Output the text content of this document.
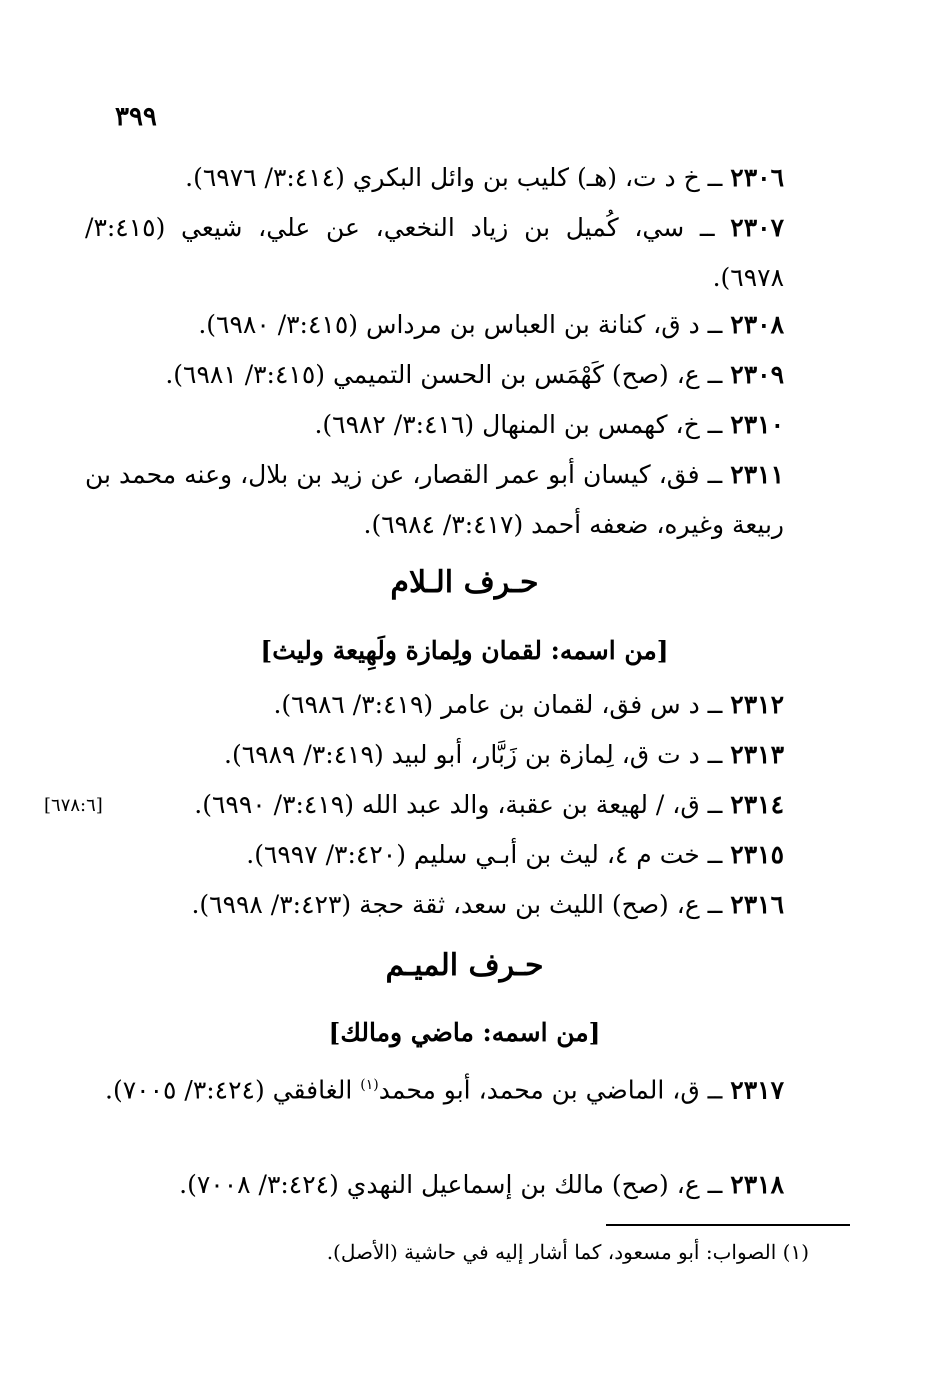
٣٩٩
٢٣٠٦ ــ خ د ت، (هـ) كليب بن وائل البكري (٣:٤١٤/ ٦٩٧٦).
٢٣٠٧ ــ سي، كُميل بن زياد النخعي، عن علي، شيعي (٣:٤١٥/ ٦٩٧٨).
٢٣٠٨ ــ د ق، كنانة بن العباس بن مرداس (٣:٤١٥/ ٦٩٨٠).
٢٣٠٩ ــ ع، (صح) كَهْمَس بن الحسن التميمي (٣:٤١٥/ ٦٩٨١).
٢٣١٠ ــ خ، كهمس بن المنهال (٣:٤١٦/ ٦٩٨٢).
٢٣١١ ــ فق، كيسان أبو عمر القصار، عن زيد بن بلال، وعنه محمد بن ربيعة وغيره، ضعفه أحمد (٣:٤١٧/ ٦٩٨٤).
حـرف الـلام
[من اسمه: لقمان ولِمازة ولَهِيعة وليث]
٢٣١٢ ــ د س فق، لقمان بن عامر (٣:٤١٩/ ٦٩٨٦).
٢٣١٣ ــ د ت ق، لِمازة بن زَبَّار، أبو لبيد (٣:٤١٩/ ٦٩٨٩).
٢٣١٤ ــ ق، / لهيعة بن عقبة، والد عبد الله (٣:٤١٩/ ٦٩٩٠).
[٦٧٨:٦]
٢٣١٥ ــ خت م ٤، ليث بن أبـي سليم (٣:٤٢٠/ ٦٩٩٧).
٢٣١٦ ــ ع، (صح) الليث بن سعد، ثقة حجة (٣:٤٢٣/ ٦٩٩٨).
حـرف الميـم
[من اسمه: ماضي ومالك]
٢٣١٧ ــ ق، الماضي بن محمد، أبو محمد$^{(١)}$ الغافقي (٣:٤٢٤/ ٧٠٠٥).
٢٣١٨ ــ ع، (صح) مالك بن إسماعيل النهدي (٣:٤٢٤/ ٧٠٠٨).
(١) الصواب: أبو مسعود، كما أشار إليه في حاشية (الأصل).
